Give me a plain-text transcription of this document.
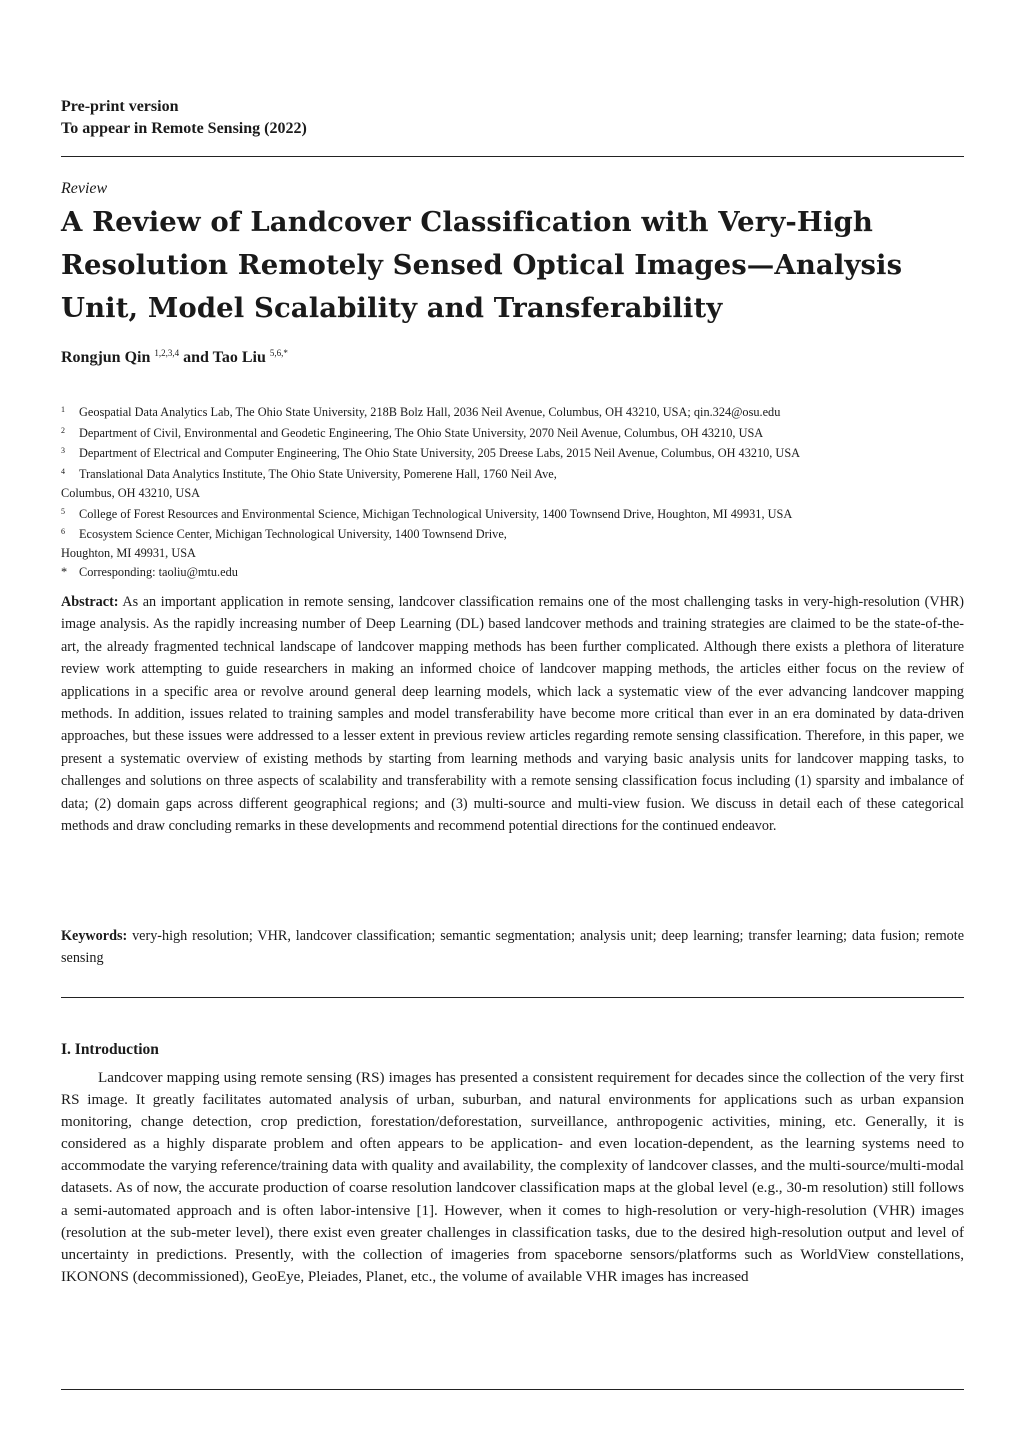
Pre-print version
To appear in Remote Sensing (2022)
Review
A Review of Landcover Classification with Very-High Resolution Remotely Sensed Optical Images—Analysis Unit, Model Scalability and Transferability
Rongjun Qin $^{1,2,3,4}$ and Tao Liu $^{5,6,*}$
1 Geospatial Data Analytics Lab, The Ohio State University, 218B Bolz Hall, 2036 Neil Avenue, Columbus, OH 43210, USA; qin.324@osu.edu
2 Department of Civil, Environmental and Geodetic Engineering, The Ohio State University, 2070 Neil Avenue, Columbus, OH 43210, USA
3 Department of Electrical and Computer Engineering, The Ohio State University, 205 Dreese Labs, 2015 Neil Avenue, Columbus, OH 43210, USA
4 Translational Data Analytics Institute, The Ohio State University, Pomerene Hall, 1760 Neil Ave,
Columbus, OH 43210, USA
5 College of Forest Resources and Environmental Science, Michigan Technological University, 1400 Townsend Drive, Houghton, MI 49931, USA
6 Ecosystem Science Center, Michigan Technological University, 1400 Townsend Drive,
Houghton, MI 49931, USA
* Corresponding: taoliu@mtu.edu
Abstract: As an important application in remote sensing, landcover classification remains one of the most challenging tasks in very-high-resolution (VHR) image analysis. As the rapidly increasing number of Deep Learning (DL) based landcover methods and training strategies are claimed to be the state-of-the-art, the already fragmented technical landscape of landcover mapping methods has been further complicated. Although there exists a plethora of literature review work attempting to guide researchers in making an informed choice of landcover mapping methods, the articles either focus on the review of applications in a specific area or revolve around general deep learning models, which lack a systematic view of the ever advancing landcover mapping methods. In addition, issues related to training samples and model transferability have become more critical than ever in an era dominated by data-driven approaches, but these issues were addressed to a lesser extent in previous review articles regarding remote sensing classification. Therefore, in this paper, we present a systematic overview of existing methods by starting from learning methods and varying basic analysis units for landcover mapping tasks, to challenges and solutions on three aspects of scalability and transferability with a remote sensing classification focus including (1) sparsity and imbalance of data; (2) domain gaps across different geographical regions; and (3) multi-source and multi-view fusion. We discuss in detail each of these categorical methods and draw concluding remarks in these developments and recommend potential directions for the continued endeavor.
Keywords: very-high resolution; VHR, landcover classification; semantic segmentation; analysis unit; deep learning; transfer learning; data fusion; remote sensing
I. Introduction

Landcover mapping using remote sensing (RS) images has presented a consistent requirement for decades since the collection of the very first RS image. It greatly facilitates automated analysis of urban, suburban, and natural environments for applications such as urban expansion monitoring, change detection, crop prediction, forestation/deforestation, surveillance, anthropogenic activities, mining, etc. Generally, it is considered as a highly disparate problem and often appears to be application- and even location-dependent, as the learning systems need to accommodate the varying reference/training data with quality and availability, the complexity of landcover classes, and the multi-source/multi-modal datasets. As of now, the accurate production of coarse resolution landcover classification maps at the global level (e.g., 30-m resolution) still follows a semi-automated approach and is often labor-intensive [1]. However, when it comes to high-resolution or very-high-resolution (VHR) images (resolution at the sub-meter level), there exist even greater challenges in classification tasks, due to the desired high-resolution output and level of uncertainty in predictions. Presently, with the collection of imageries from spaceborne sensors/platforms such as WorldView constellations, IKONONS (decommissioned), GeoEye, Pleiades, Planet, etc., the volume of available VHR images has increased
